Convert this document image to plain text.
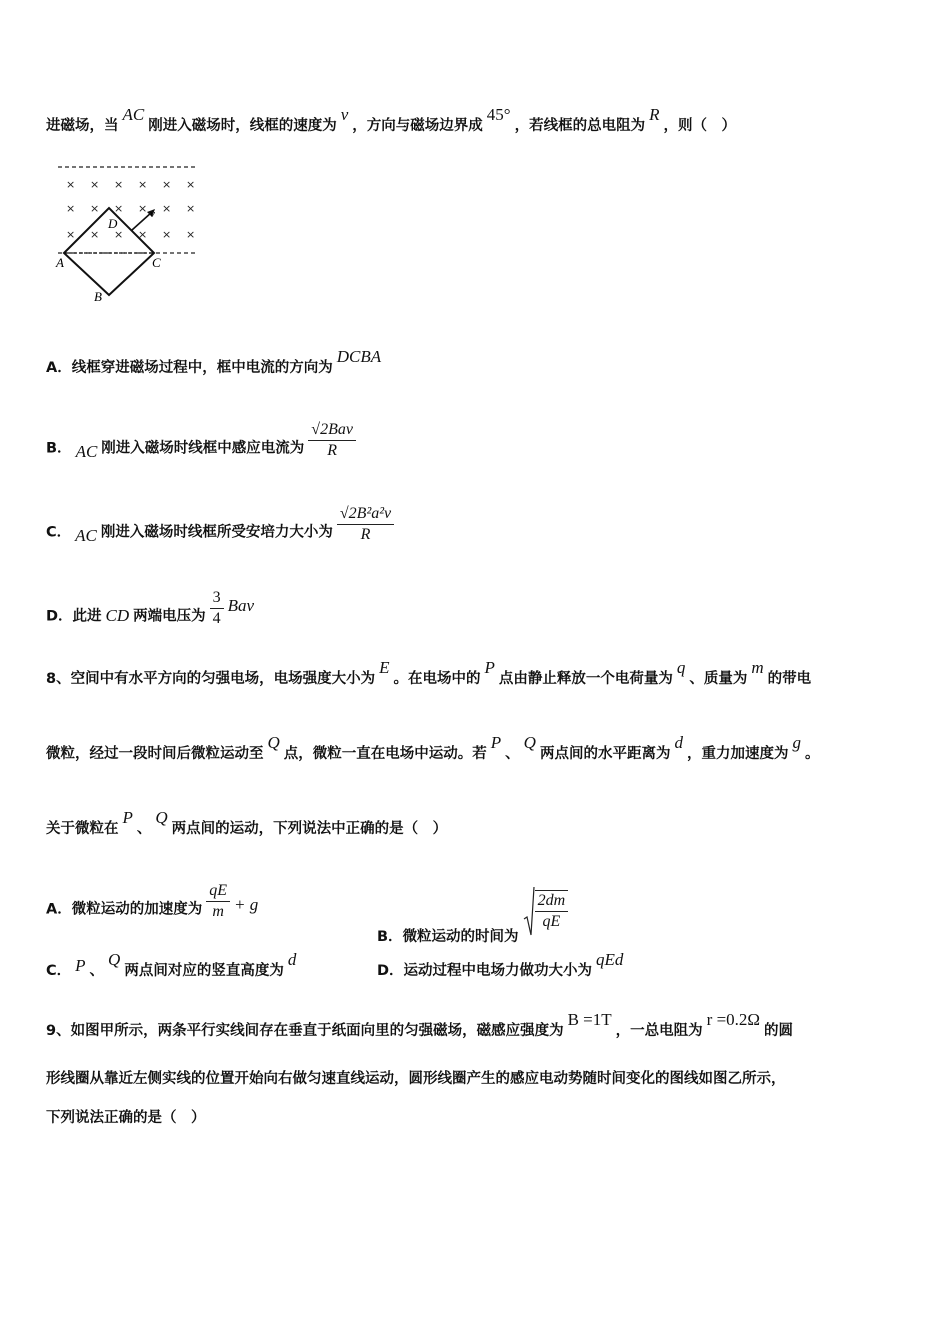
进磁场，当AC刚进入磁场时，线框的速度为v，方向与磁场边界成45°，若线框的总电阻为R，则（　）
× × × × × ×
× × × × × ×
× × × × × ×
A
B
C
D
v
A．线框穿进磁场过程中，框中电流的方向为DCBA
B． AC 刚进入磁场时线框中感应电流为 $\frac{\text{√2Bav}}{R}$
C． AC 刚进入磁场时线框所受安培力大小为 $\frac{\text{√2B²a²v}}{R}$
D．此进 CD 两端电压为 $\frac{3}{4}$ Bav
8、空间中有水平方向的匀强电场，电场强度大小为E。在电场中的P点由静止释放一个电荷量为q、质量为m的带电
微粒，经过一段时间后微粒运动至Q点，微粒一直在电场中运动。若P、Q两点间的水平距离为d，重力加速度为g。
关于微粒在P、Q两点间的运动，下列说法中正确的是（　）
A．微粒运动的加速度为 $\frac{qE}{m} + g$
B．微粒运动的时间为
$\frac{2dm}{qE}$
C． P 、Q两点间对应的竖直高度为d
D．运动过程中电场力做功大小为qEd
9、如图甲所示，两条平行实线间存在垂直于纸面向里的匀强磁场，磁感应强度为B =1T，一总电阻为r =0.2Ω的圆
形线圈从靠近左侧实线的位置开始向右做匀速直线运动，圆形线圈产生的感应电动势随时间变化的图线如图乙所示，
下列说法正确的是（　）
